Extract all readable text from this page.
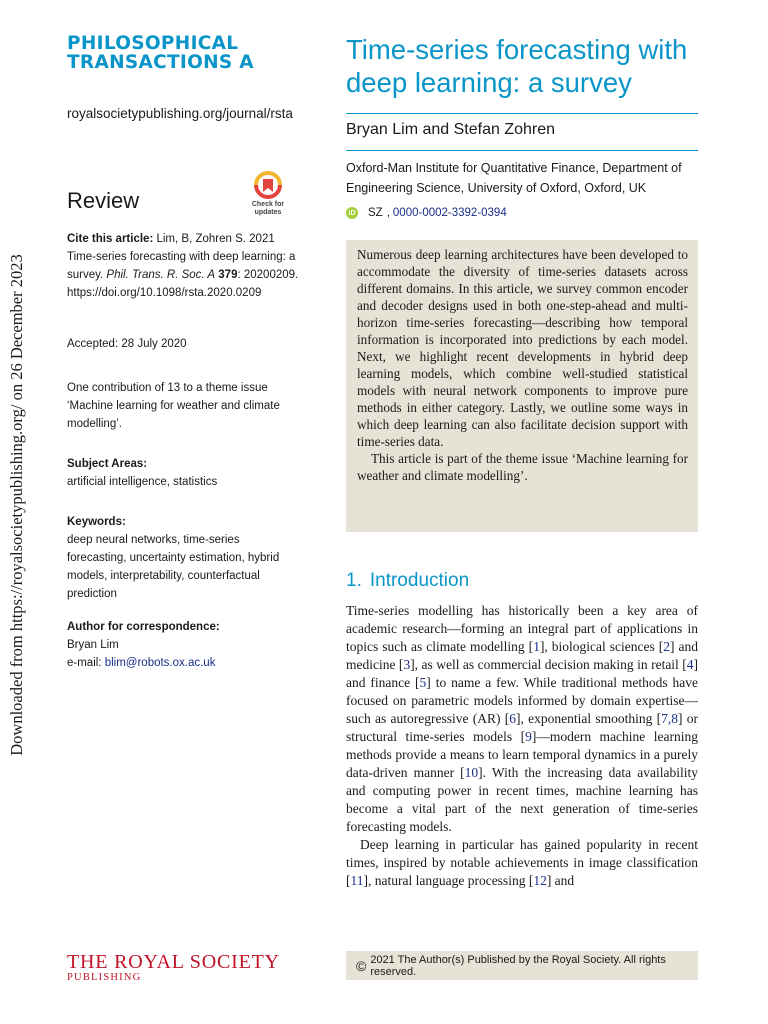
Downloaded from https://royalsocietypublishing.org/ on 26 December 2023
PHILOSOPHICAL
TRANSACTIONS A
royalsocietypublishing.org/journal/rsta
Review	Check for
updates
Cite this article: Lim, B, Zohren S. 2021 Time-series forecasting with deep learning: a survey. Phil. Trans. R. Soc. A 379: 20200209. https://doi.org/10.1098/rsta.2020.0209
Accepted: 28 July 2020
One contribution of 13 to a theme issue ‘Machine learning for weather and climate modelling’.
Subject Areas:
artificial intelligence, statistics
Keywords:
deep neural networks, time-series forecasting, uncertainty estimation, hybrid models, interpretability, counterfactual prediction
Author for correspondence:
Bryan Lim
e-mail: blim@robots.ox.ac.uk
Time-series forecasting with deep learning: a survey
Bryan Lim and Stefan Zohren
Oxford-Man Institute for Quantitative Finance, Department of Engineering Science, University of Oxford, Oxford, UK
iD SZ , 0000-0002-3392-0394

Numerous deep learning architectures have been developed to accommodate the diversity of time-series datasets across different domains. In this article, we survey common encoder and decoder designs used in both one-step-ahead and multi-horizon time-series forecasting—describing how temporal information is incorporated into predictions by each model. Next, we highlight recent developments in hybrid deep learning models, which combine well-studied statistical models with neural network components to improve pure methods in either category. Lastly, we outline some ways in which deep learning can also facilitate decision support with time-series data.

This article is part of the theme issue ‘Machine learning for weather and climate modelling’.

1. Introduction

Time-series modelling has historically been a key area of academic research—forming an integral part of applications in topics such as climate modelling [1], biological sciences [2] and medicine [3], as well as commercial decision making in retail [4] and finance [5] to name a few. While traditional methods have focused on parametric models informed by domain expertise—such as autoregressive (AR) [6], exponential smoothing [7,8] or structural time-series models [9]—modern machine learning methods provide a means to learn temporal dynamics in a purely data-driven manner [10]. With the increasing data availability and computing power in recent times, machine learning has become a vital part of the next generation of time-series forecasting models.

Deep learning in particular has gained popularity in recent times, inspired by notable achievements in image classification [11], natural language processing [12] and

THE ROYAL SOCIETY
PUBLISHING
© 2021 The Author(s) Published by the Royal Society. All rights reserved.
